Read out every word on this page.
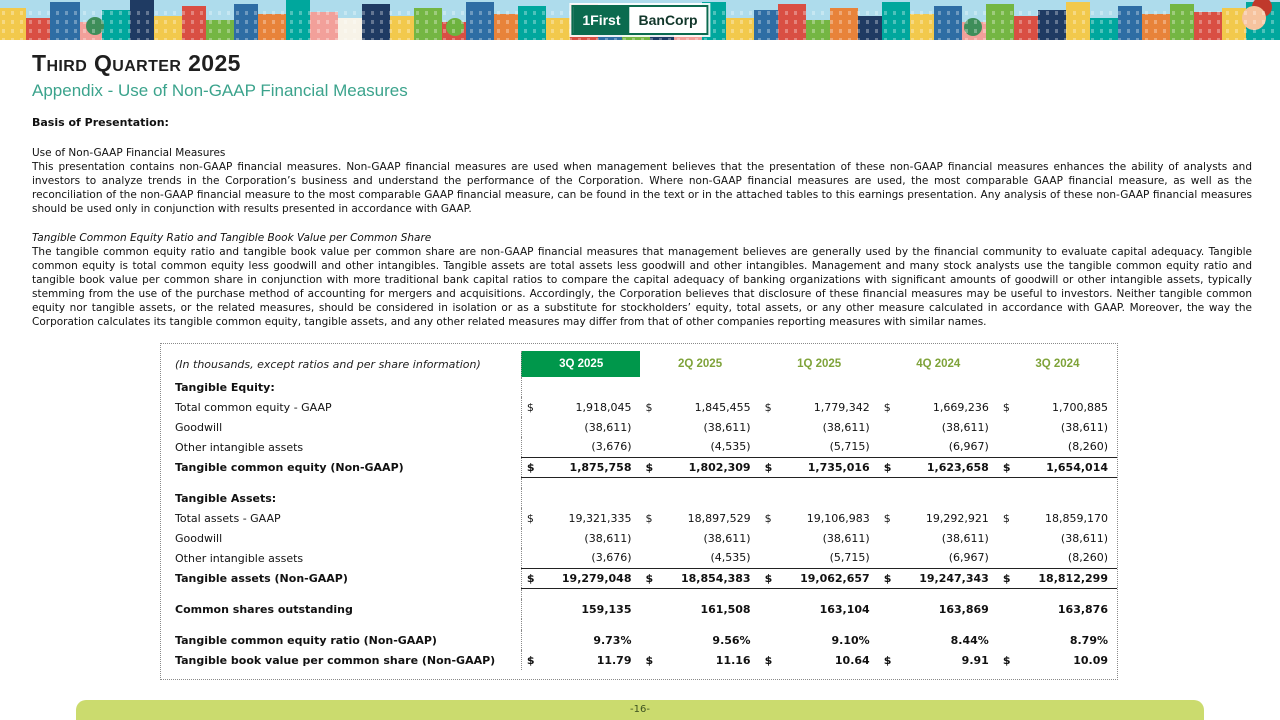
1First	BanCorp
Third Quarter 2025
Appendix - Use of Non-GAAP Financial Measures

Basis of Presentation:

Use of Non-GAAP Financial Measures

This presentation contains non-GAAP financial measures. Non-GAAP financial measures are used when management believes that the presentation of these non-GAAP financial measures enhances the ability of analysts and investors to analyze trends in the Corporation’s business and understand the performance of the Corporation. Where non-GAAP financial measures are used, the most comparable GAAP financial measure, as well as the reconciliation of the non-GAAP financial measure to the most comparable GAAP financial measure, can be found in the text or in the attached tables to this earnings presentation. Any analysis of these non-GAAP financial measures should be used only in conjunction with results presented in accordance with GAAP.

Tangible Common Equity Ratio and Tangible Book Value per Common Share

The tangible common equity ratio and tangible book value per common share are non-GAAP financial measures that management believes are generally used by the financial community to evaluate capital adequacy. Tangible common equity is total common equity less goodwill and other intangibles. Tangible assets are total assets less goodwill and other intangibles. Management and many stock analysts use the tangible common equity ratio and tangible book value per common share in conjunction with more traditional bank capital ratios to compare the capital adequacy of banking organizations with significant amounts of goodwill or other intangible assets, typically stemming from the use of the purchase method of accounting for mergers and acquisitions. Accordingly, the Corporation believes that disclosure of these financial measures may be useful to investors. Neither tangible common equity nor tangible assets, or the related measures, should be considered in isolation or as a substitute for stockholders’ equity, total assets, or any other measure calculated in accordance with GAAP. Moreover, the way the Corporation calculates its tangible common equity, tangible assets, and any other related measures may differ from that of other companies reporting measures with similar names.

(In thousands, except ratios and per share information)	3Q 2025		2Q 2025		1Q 2025		4Q 2024		3Q 2024	
Tangible Equity:										
Total common equity - GAAP	$	1,918,045	$	1,845,455	$	1,779,342	$	1,669,236	$	1,700,885
Goodwill		(38,611)		(38,611)		(38,611)		(38,611)		(38,611)
Other intangible assets		(3,676)		(4,535)		(5,715)		(6,967)		(8,260)
Tangible common equity (Non-GAAP)	$	1,875,758	$	1,802,309	$	1,735,016	$	1,623,658	$	1,654,014

Tangible Assets:										
Total assets - GAAP	$	19,321,335	$	18,897,529	$	19,106,983	$	19,292,921	$	18,859,170
Goodwill		(38,611)		(38,611)		(38,611)		(38,611)		(38,611)
Other intangible assets		(3,676)		(4,535)		(5,715)		(6,967)		(8,260)
Tangible assets (Non-GAAP)	$	19,279,048	$	18,854,383	$	19,062,657	$	19,247,343	$	18,812,299

Common shares outstanding		159,135		161,508		163,104		163,869		163,876

Tangible common equity ratio (Non-GAAP)		9.73%		9.56%		9.10%		8.44%		8.79%
Tangible book value per common share (Non-GAAP)	$	11.79	$	11.16	$	10.64	$	9.91	$	10.09
-16-
